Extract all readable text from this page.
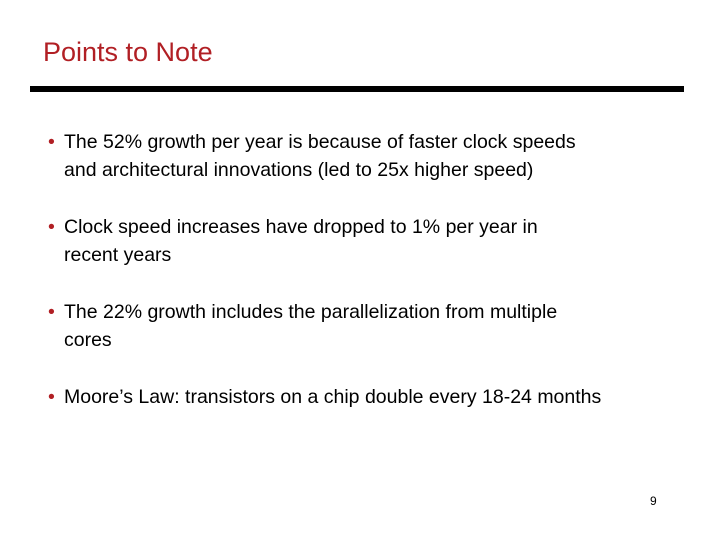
Points to Note
• The 52% growth per year is because of faster clock speeds
and architectural innovations (led to 25x higher speed)
• Clock speed increases have dropped to 1% per year in
recent years
• The 22% growth includes the parallelization from multiple
cores
• Moore’s Law: transistors on a chip double every 18-24 months
9
